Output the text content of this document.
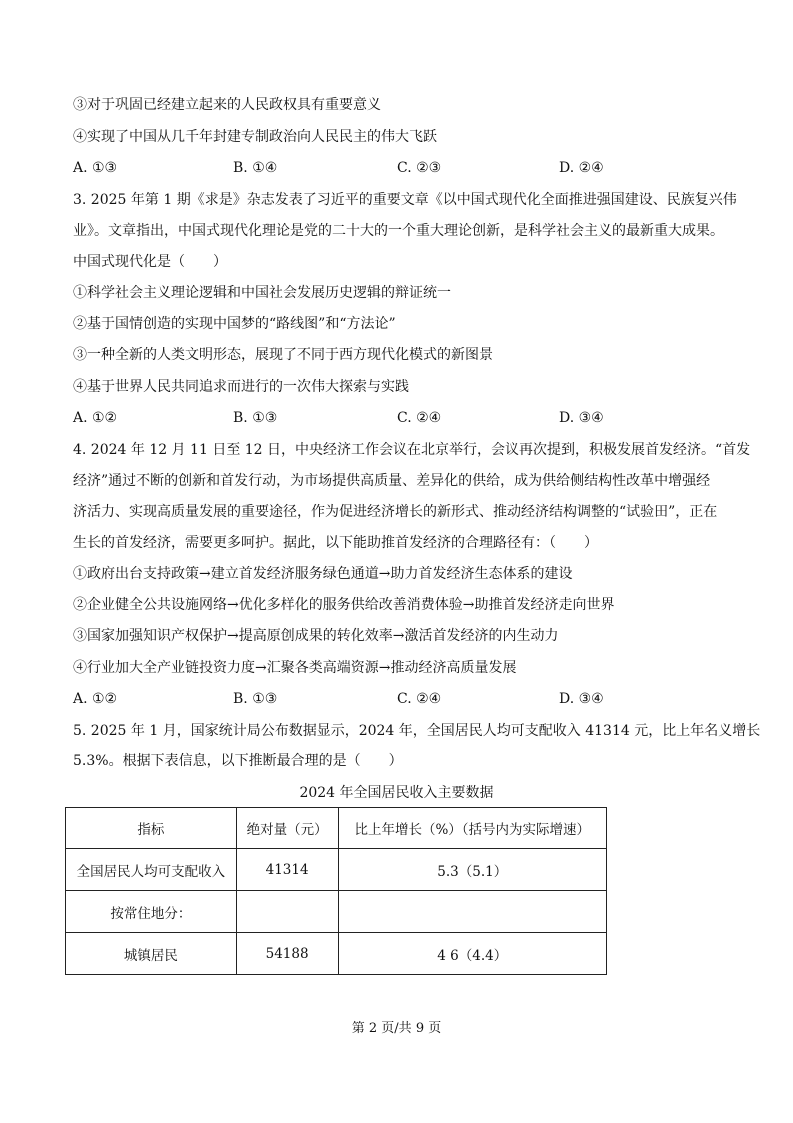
③对于巩固已经建立起来的人民政权具有重要意义
④实现了中国从几千年封建专制政治向人民民主的伟大飞跃
A. ①③	B. ①④	C. ②③	D. ②④
3. 2025 年第 1 期《求是》杂志发表了习近平的重要文章《以中国式现代化全面推进强国建设、民族复兴伟
业》。文章指出，中国式现代化理论是党的二十大的一个重大理论创新，是科学社会主义的最新重大成果。
中国式现代化是（　　）
①科学社会主义理论逻辑和中国社会发展历史逻辑的辩证统一
②基于国情创造的实现中国梦的“路线图”和“方法论”
③一种全新的人类文明形态，展现了不同于西方现代化模式的新图景
④基于世界人民共同追求而进行的一次伟大探索与实践
A. ①②	B. ①③	C. ②④	D. ③④
4. 2024 年 12 月 11 日至 12 日，中央经济工作会议在北京举行，会议再次提到，积极发展首发经济。“首发
经济”通过不断的创新和首发行动，为市场提供高质量、差异化的供给，成为供给侧结构性改革中增强经
济活力、实现高质量发展的重要途径，作为促进经济增长的新形式、推动经济结构调整的“试验田”，正在
生长的首发经济，需要更多呵护。据此，以下能助推首发经济的合理路径有：（　　）
①政府出台支持政策→建立首发经济服务绿色通道→助力首发经济生态体系的建设
②企业健全公共设施网络→优化多样化的服务供给改善消费体验→助推首发经济走向世界
③国家加强知识产权保护→提高原创成果的转化效率→激活首发经济的内生动力
④行业加大全产业链投资力度→汇聚各类高端资源→推动经济高质量发展
A. ①②	B. ①③	C. ②④	D. ③④
5. 2025 年 1 月，国家统计局公布数据显示，2024 年，全国居民人均可支配收入 41314 元，比上年名义增长
5.3%。根据下表信息，以下推断最合理的是（　　）
2024 年全国居民收入主要数据
指标	绝对量（元）	比上年增长（%）（括号内为实际增速）
全国居民人均可支配收入	41314	5.3（5.1）
按常住地分：		
城镇居民	54188	4 6（4.4）
第 2 页/共 9 页
